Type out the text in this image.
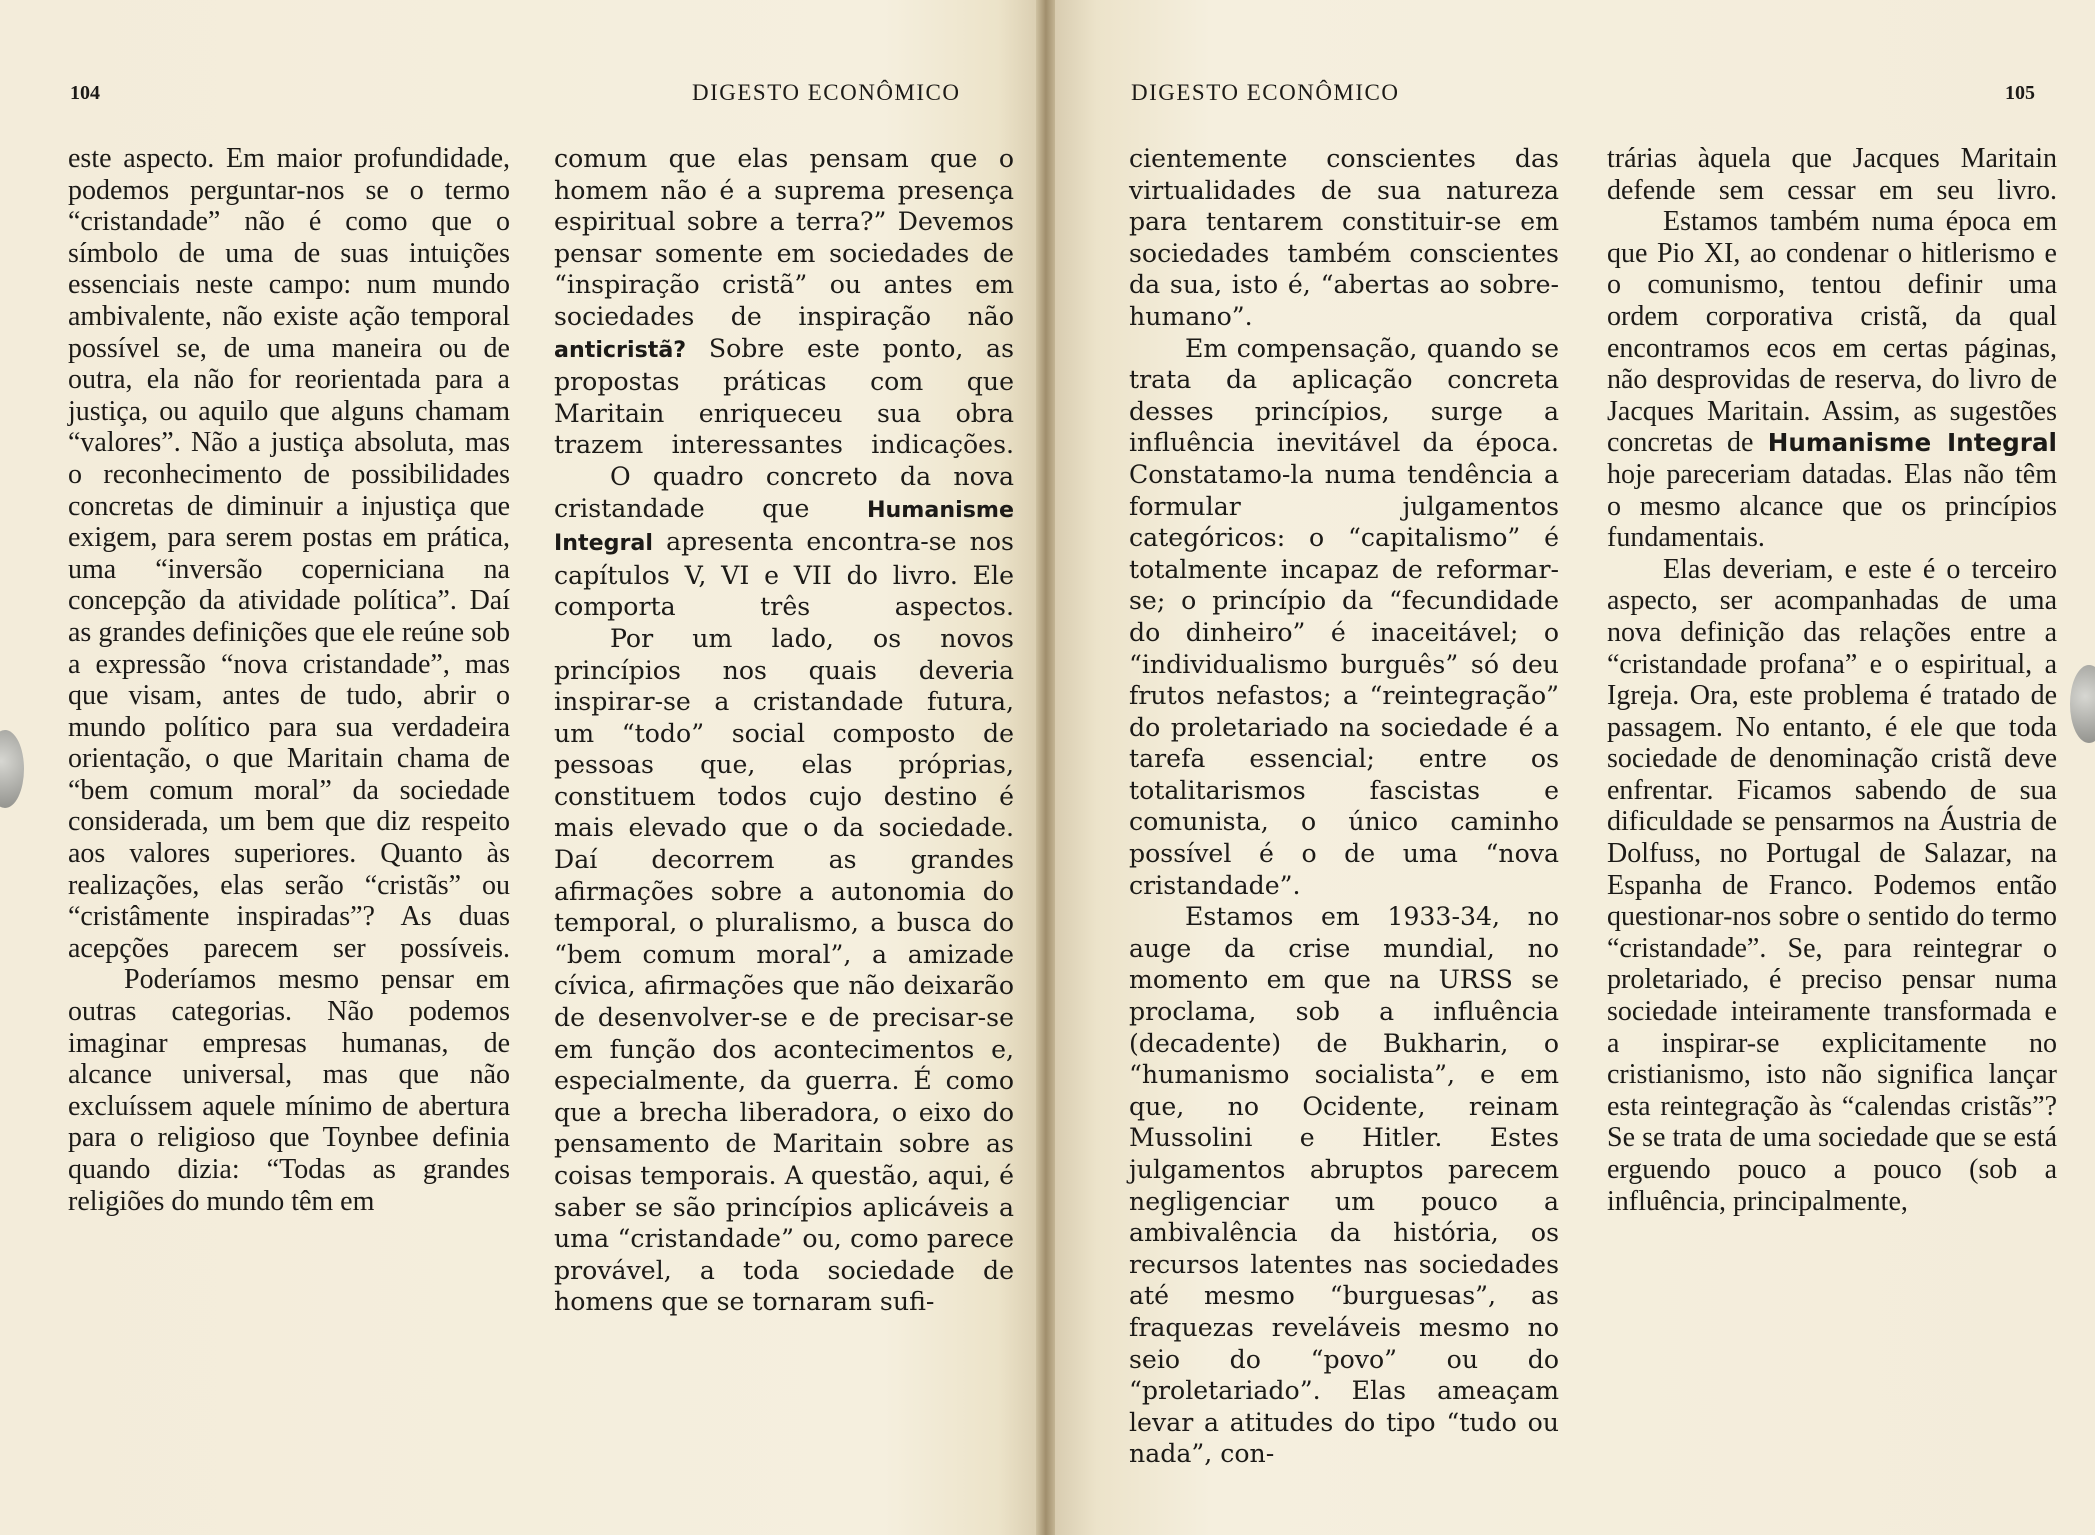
104	DIGESTO ECONÔMICO

este aspecto. Em maior profundidade, podemos perguntar-nos se o termo “cristandade” não é como que o símbolo de uma de suas intuições essenciais neste campo: num mundo ambivalente, não existe ação temporal possível se, de uma maneira ou de outra, ela não for reorientada para a justiça, ou aquilo que alguns chamam “valores”. Não a justiça absoluta, mas o reconhecimento de possibilidades concretas de diminuir a injustiça que exigem, para serem postas em prática, uma “inversão coperniciana na concepção da atividade política”. Daí as grandes definições que ele reúne sob a expressão “nova cristandade”, mas que visam, antes de tudo, abrir o mundo político para sua verdadeira orientação, o que Maritain chama de “bem comum moral” da sociedade considerada, um bem que diz respeito aos valores superiores. Quanto às realizações, elas serão “cristãs” ou “cristâmente inspiradas”? As duas acepções parecem ser possíveis.

Poderíamos mesmo pensar em outras categorias. Não podemos imaginar empresas humanas, de alcance universal, mas que não excluíssem aquele mínimo de abertura para o religioso que Toynbee definia quando dizia: “Todas as grandes religiões do mundo têm em

comum que elas pensam que o homem não é a suprema presença espiritual sobre a terra?” Devemos pensar somente em sociedades de “inspiração cristã” ou antes em sociedades de inspiração não anticristã? Sobre este ponto, as propostas práticas com que Maritain enriqueceu sua obra trazem interessantes indicações.

O quadro concreto da nova cristandade que Humanisme Integral apresenta encontra-se nos capítulos V, VI e VII do livro. Ele comporta três aspectos.

Por um lado, os novos princípios nos quais deveria inspirar-se a cristandade futura, um “todo” social composto de pessoas que, elas próprias, constituem todos cujo destino é mais elevado que o da sociedade. Daí decorrem as grandes afirmações sobre a autonomia do temporal, o pluralismo, a busca do “bem comum moral”, a amizade cívica, afirmações que não deixarão de desenvolver-se e de precisar-se em função dos acontecimentos e, especialmente, da guerra. É como que a brecha liberadora, o eixo do pensamento de Maritain sobre as coisas temporais. A questão, aqui, é saber se são princípios aplicáveis a uma “cristandade” ou, como parece provável, a toda sociedade de homens que se tornaram sufi-

DIGESTO ECONÔMICO	105

cientemente conscientes das virtualidades de sua natureza para tentarem constituir-se em sociedades também conscientes da sua, isto é, “abertas ao sobre-humano”.

Em compensação, quando se trata da aplicação concreta desses princípios, surge a influência inevitável da época. Constatamo-la numa tendência a formular julgamentos categóricos: o “capitalismo” é totalmente incapaz de reformar-se; o princípio da “fecundidade do dinheiro” é inaceitável; o “individualismo burguês” só deu frutos nefastos; a “reintegração” do proletariado na sociedade é a tarefa essencial; entre os totalitarismos fascistas e comunista, o único caminho possível é o de uma “nova cristandade”.

Estamos em 1933-34, no auge da crise mundial, no momento em que na URSS se proclama, sob a influência (decadente) de Bukharin, o “humanismo socialista”, e em que, no Ocidente, reinam Mussolini e Hitler. Estes julgamentos abruptos parecem negligenciar um pouco a ambivalência da história, os recursos latentes nas sociedades até mesmo “burguesas”, as fraquezas reveláveis mesmo no seio do “povo” ou do “proletariado”. Elas ameaçam levar a atitudes do tipo “tudo ou nada”, con-

trárias àquela que Jacques Maritain defende sem cessar em seu livro.

Estamos também numa época em que Pio XI, ao condenar o hitlerismo e o comunismo, tentou definir uma ordem corporativa cristã, da qual encontramos ecos em certas páginas, não desprovidas de reserva, do livro de Jacques Maritain. Assim, as sugestões concretas de Humanisme Integral hoje pareceriam datadas. Elas não têm o mesmo alcance que os princípios fundamentais.

Elas deveriam, e este é o terceiro aspecto, ser acompanhadas de uma nova definição das relações entre a “cristandade profana” e o espiritual, a Igreja. Ora, este problema é tratado de passagem. No entanto, é ele que toda sociedade de denominação cristã deve enfrentar. Ficamos sabendo de sua dificuldade se pensarmos na Áustria de Dolfuss, no Portugal de Salazar, na Espanha de Franco. Podemos então questionar-nos sobre o sentido do termo “cristandade”. Se, para reintegrar o proletariado, é preciso pensar numa sociedade inteiramente transformada e a inspirar-se explicitamente no cristianismo, isto não significa lançar esta reintegração às “calendas cristãs”? Se se trata de uma sociedade que se está erguendo pouco a pouco (sob a influência, principalmente,
